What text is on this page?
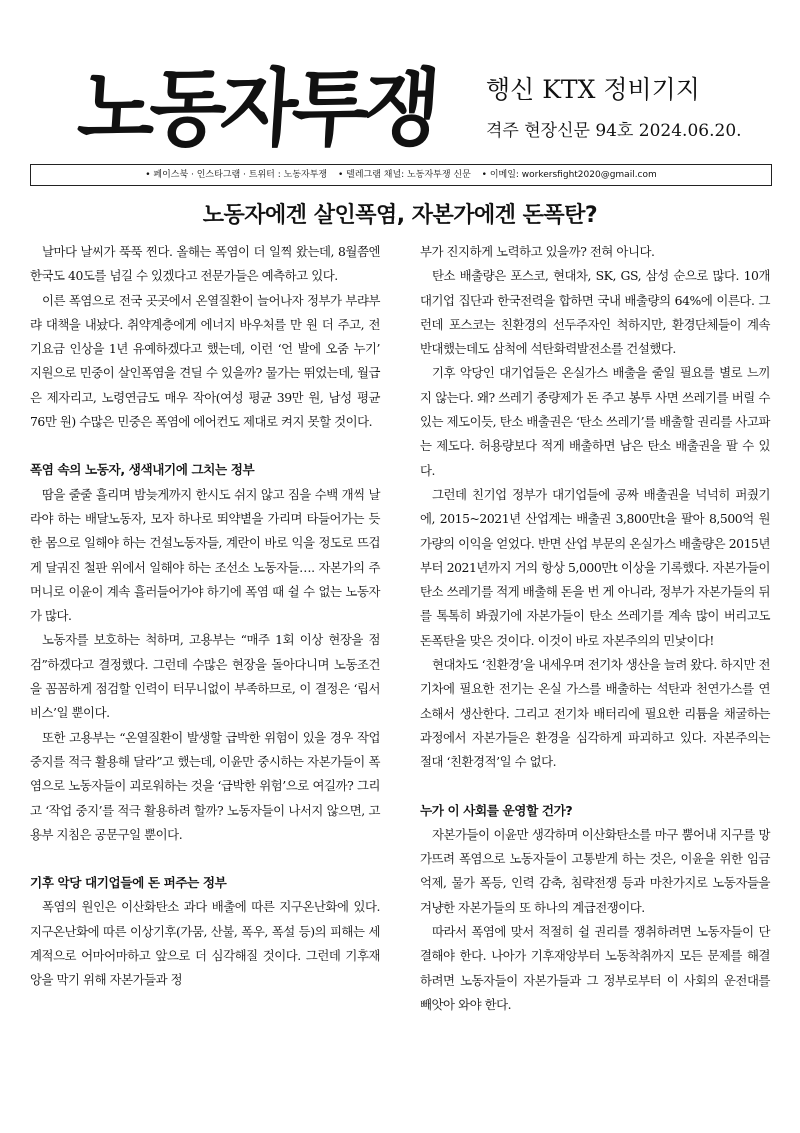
노동자투쟁	행신 KTX 정비기지
격주 현장신문 94호 2024.06.20.
• 페이스북 · 인스타그램 · 트위터 : 노동자투쟁 • 텔레그램 채널: 노동자투쟁 신문 • 이메일: workersfight2020@gmail.com
노동자에겐 살인폭염, 자본가에겐 돈폭탄?

날마다 날씨가 푹푹 찐다. 올해는 폭염이 더 일찍 왔는데, 8월쯤엔 한국도 40도를 넘길 수 있겠다고 전문가들은 예측하고 있다.

이른 폭염으로 전국 곳곳에서 온열질환이 늘어나자 정부가 부랴부랴 대책을 내놨다. 취약계층에게 에너지 바우처를 만 원 더 주고, 전기요금 인상을 1년 유예하겠다고 했는데, 이런 ‘언 발에 오줌 누기’ 지원으로 민중이 살인폭염을 견딜 수 있을까? 물가는 뛰었는데, 월급은 제자리고, 노령연금도 매우 작아(여성 평균 39만 원, 남성 평균 76만 원) 수많은 민중은 폭염에 에어컨도 제대로 켜지 못할 것이다.

폭염 속의 노동자, 생색내기에 그치는 정부

땀을 줄줄 흘리며 밤늦게까지 한시도 쉬지 않고 짐을 수백 개씩 날라야 하는 배달노동자, 모자 하나로 뙤약볕을 가리며 타들어가는 듯한 몸으로 일해야 하는 건설노동자들, 계란이 바로 익을 정도로 뜨겁게 달궈진 철판 위에서 일해야 하는 조선소 노동자들…. 자본가의 주머니로 이윤이 계속 흘러들어가야 하기에 폭염 때 쉴 수 없는 노동자가 많다.

노동자를 보호하는 척하며, 고용부는 “매주 1회 이상 현장을 점검”하겠다고 결정했다. 그런데 수많은 현장을 돌아다니며 노동조건을 꼼꼼하게 점검할 인력이 터무니없이 부족하므로, 이 결정은 ‘립서비스’일 뿐이다.

또한 고용부는 “온열질환이 발생할 급박한 위험이 있을 경우 작업 중지를 적극 활용해 달라”고 했는데, 이윤만 중시하는 자본가들이 폭염으로 노동자들이 괴로워하는 것을 ‘급박한 위험’으로 여길까? 그리고 ‘작업 중지’를 적극 활용하려 할까? 노동자들이 나서지 않으면, 고용부 지침은 공문구일 뿐이다.

기후 악당 대기업들에 돈 퍼주는 정부

폭염의 원인은 이산화탄소 과다 배출에 따른 지구온난화에 있다. 지구온난화에 따른 이상기후(가뭄, 산불, 폭우, 폭설 등)의 피해는 세계적으로 어마어마하고 앞으로 더 심각해질 것이다. 그런데 기후재앙을 막기 위해 자본가들과 정

부가 진지하게 노력하고 있을까? 전혀 아니다.

탄소 배출량은 포스코, 현대차, SK, GS, 삼성 순으로 많다. 10개 대기업 집단과 한국전력을 합하면 국내 배출량의 64%에 이른다. 그런데 포스코는 친환경의 선두주자인 척하지만, 환경단체들이 계속 반대했는데도 삼척에 석탄화력발전소를 건설했다.

기후 악당인 대기업들은 온실가스 배출을 줄일 필요를 별로 느끼지 않는다. 왜? 쓰레기 종량제가 돈 주고 봉투 사면 쓰레기를 버릴 수 있는 제도이듯, 탄소 배출권은 ‘탄소 쓰레기’를 배출할 권리를 사고파는 제도다. 허용량보다 적게 배출하면 남은 탄소 배출권을 팔 수 있다.

그런데 친기업 정부가 대기업들에 공짜 배출권을 넉넉히 퍼줬기에, 2015~2021년 산업계는 배출권 3,800만t을 팔아 8,500억 원가량의 이익을 얻었다. 반면 산업 부문의 온실가스 배출량은 2015년부터 2021년까지 거의 항상 5,000만t 이상을 기록했다. 자본가들이 탄소 쓰레기를 적게 배출해 돈을 번 게 아니라, 정부가 자본가들의 뒤를 톡톡히 봐줬기에 자본가들이 탄소 쓰레기를 계속 많이 버리고도 돈폭탄을 맞은 것이다. 이것이 바로 자본주의의 민낯이다!

현대차도 ‘친환경’을 내세우며 전기차 생산을 늘려 왔다. 하지만 전기차에 필요한 전기는 온실 가스를 배출하는 석탄과 천연가스를 연소해서 생산한다. 그리고 전기차 배터리에 필요한 리튬을 채굴하는 과정에서 자본가들은 환경을 심각하게 파괴하고 있다. 자본주의는 절대 ‘친환경적’일 수 없다.

누가 이 사회를 운영할 건가?

자본가들이 이윤만 생각하며 이산화탄소를 마구 뿜어내 지구를 망가뜨려 폭염으로 노동자들이 고통받게 하는 것은, 이윤을 위한 임금 억제, 물가 폭등, 인력 감축, 침략전쟁 등과 마찬가지로 노동자들을 겨냥한 자본가들의 또 하나의 계급전쟁이다.

따라서 폭염에 맞서 적절히 쉴 권리를 쟁취하려면 노동자들이 단결해야 한다. 나아가 기후재앙부터 노동착취까지 모든 문제를 해결하려면 노동자들이 자본가들과 그 정부로부터 이 사회의 운전대를 빼앗아 와야 한다.
